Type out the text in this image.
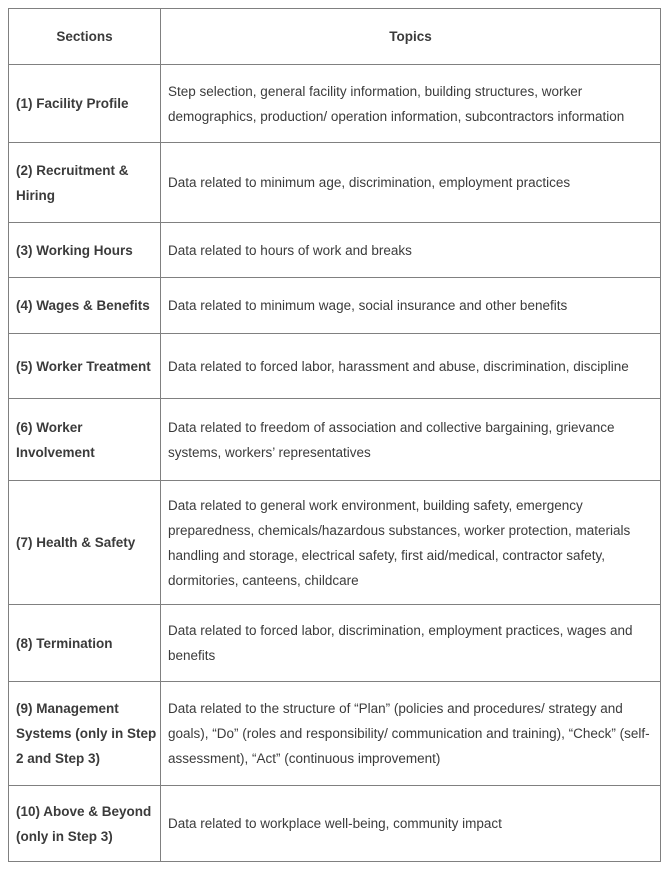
Sections	Topics
(1) Facility Profile	Step selection, general facility information, building structures, worker demographics, production/ operation information, subcontractors information
(2) Recruitment & Hiring	Data related to minimum age, discrimination, employment practices
(3) Working Hours	Data related to hours of work and breaks
(4) Wages & Benefits	Data related to minimum wage, social insurance and other benefits
(5) Worker Treatment	Data related to forced labor, harassment and abuse, discrimination, discipline
(6) Worker Involvement	Data related to freedom of association and collective bargaining, grievance systems, workers’ representatives
(7) Health & Safety	Data related to general work environment, building safety, emergency preparedness, chemicals/hazardous substances, worker protection, materials handling and storage, electrical safety, first aid/medical, contractor safety, dormitories, canteens, childcare
(8) Termination	Data related to forced labor, discrimination, employment practices, wages and benefits
(9) Management Systems (only in Step 2 and Step 3)	Data related to the structure of “Plan” (policies and procedures/ strategy and goals), “Do” (roles and responsibility/ communication and training), “Check” (self-assessment), “Act” (continuous improvement)
(10) Above & Beyond (only in Step 3)	Data related to workplace well-being, community impact
